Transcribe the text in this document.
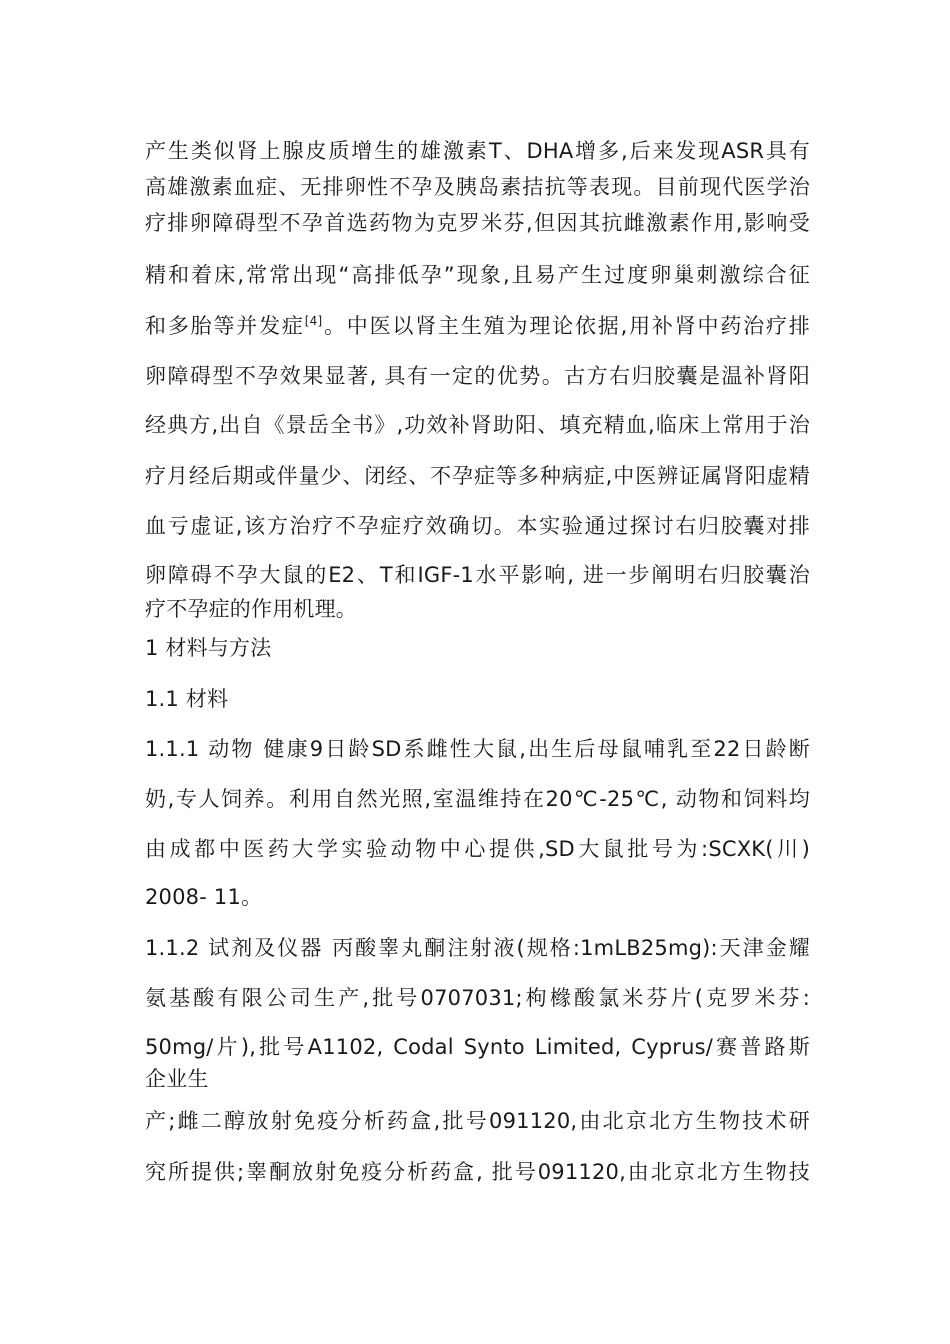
产生类似肾上腺皮质增生的雄激素T、DHA增多,后来发现ASR具有
高雄激素血症、无排卵性不孕及胰岛素拮抗等表现。目前现代医学治
疗排卵障碍型不孕首选药物为克罗米芬,但因其抗雌激素作用,影响受
精和着床,常常出现“高排低孕”现象,且易产生过度卵巢刺激综合征
和多胎等并发症[4]。中医以肾主生殖为理论依据,用补肾中药治疗排
卵障碍型不孕效果显著, 具有一定的优势。古方右归胶囊是温补肾阳
经典方,出自《景岳全书》,功效补肾助阳、填充精血,临床上常用于治
疗月经后期或伴量少、闭经、不孕症等多种病症,中医辨证属肾阳虚精
血亏虚证,该方治疗不孕症疗效确切。本实验通过探讨右归胶囊对排
卵障碍不孕大鼠的E2、T和IGF-1水平影响, 进一步阐明右归胶囊治
疗不孕症的作用机理。
1 材料与方法
1.1 材料
1.1.1 动物 健康9日龄SD系雌性大鼠,出生后母鼠哺乳至22日龄断
奶,专人饲养。利用自然光照,室温维持在20℃-25℃, 动物和饲料均
由成都中医药大学实验动物中心提供,SD大鼠批号为:SCXK(川)
2008- 11。
1.1.2 试剂及仪器 丙酸睾丸酮注射液(规格:1mLB25mg):天津金耀
氨基酸有限公司生产,批号0707031;枸橼酸氯米芬片(克罗米芬:
50mg/片),批号A1102, Codal Synto Limited, Cyprus/赛普路斯
企业生
产;雌二醇放射免疫分析药盒,批号091120,由北京北方生物技术研
究所提供;睾酮放射免疫分析药盒, 批号091120,由北京北方生物技
